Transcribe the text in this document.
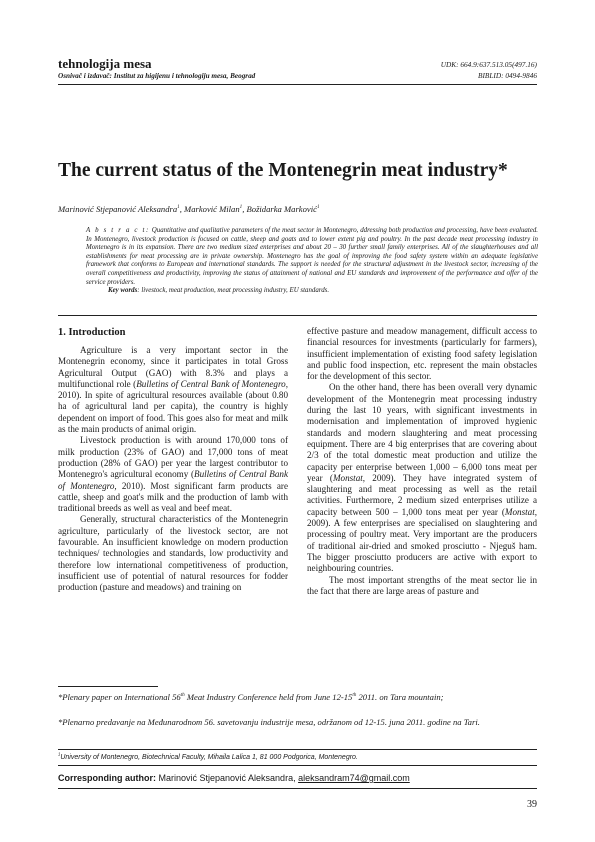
tehnologija mesa
Osnivač i izdavač: Institut za higijenu i tehnologiju mesa, Beograd
UDK: 664.9:637.513.05(497.16)
BIBLID: 0494-9846
The current status of the Montenegrin meat industry*
Marinović Stjepanović Aleksandra$^1$, Marković Milan$^1$, Božidarka Marković$^1$
A b s t r a c t: Quantitative and qualitative parameters of the meat sector in Montenegro, ddressing both production and processing, have been evaluated. In Montenegro, livestock production is focused on cattle, sheep and goats and to lower extent pig and poultry. In the past decade meat processing industry in Montenegro is in its expansion. There are two medium sized enterprises and about 20 – 30 further small family enterprises. All of the slaughterhouses and all establishments for meat processing are in private ownership. Montenegro has the goal of improving the food safety system within an adequate legislative framework that conforms to European and international standards. The support is needed for the structural adjustment in the livestock sector, increasing of the overall competitiveness and productivity, improving the status of attainment of national and EU standards and improvement of the performance and offer of the service providers.
Key words: livestock, meat production, meat processing industry, EU standards.
1. Introduction

Agriculture is a very important sector in the Montenegrin economy, since it participates in total Gross Agricultural Output (GAO) with 8.3% and plays a multifunctional role (Bulletins of Central Bank of Montenegro, 2010). In spite of agricultural resources available (about 0.80 ha of agricultural land per capita), the country is highly dependent on import of food. This goes also for meat and milk as the main products of animal origin.

Livestock production is with around 170,000 tons of milk production (23% of GAO) and 17,000 tons of meat production (28% of GAO) per year the largest contributor to Montenegro's agricultural economy (Bulletins of Central Bank of Montenegro, 2010). Most significant farm products are cattle, sheep and goat's milk and the production of lamb with traditional breeds as well as veal and beef meat.

Generally, structural characteristics of the Montenegrin agriculture, particularly of the livestock sector, are not favourable. An insufficient knowledge on modern production techniques/ technologies and standards, low productivity and therefore low international competitiveness of production, insufficient use of potential of natural resources for fodder production (pasture and meadows) and training on

effective pasture and meadow management, difficult access to financial resources for investments (particularly for farmers), insufficient implementation of existing food safety legislation and public food inspection, etc. represent the main obstacles for the development of this sector.

On the other hand, there has been overall very dynamic development of the Montenegrin meat processing industry during the last 10 years, with significant investments in modernisation and implementation of improved hygienic standards and modern slaughtering and meat processing equipment. There are 4 big enterprises that are covering about 2/3 of the total domestic meat production and utilize the capacity per enterprise between 1,000 – 6,000 tons meat per year (Monstat, 2009). They have integrated system of slaughtering and meat processing as well as the retail activities. Furthermore, 2 medium sized enterprises utilize a capacity between 500 – 1,000 tons meat per year (Monstat, 2009). A few enterprises are specialised on slaughtering and processing of poultry meat. Very important are the producers of traditional air-dried and smoked prosciutto - Njeguš ham. The bigger prosciutto producers are active with export to neighbouring countries.

The most important strengths of the meat sector lie in the fact that there are large areas of pasture and

*Plenary paper on International 56th Meat Industry Conference held from June 12-15th 2011. on Tara mountain;
*Plenarno predavanje na Međunarodnom 56. savetovanju industrije mesa, održanom od 12-15. juna 2011. godine na Tari.
$^1$University of Montenegro, Biotechnical Faculty, Mihaila Lalica 1, 81 000 Podgorica, Montenegro.
Corresponding author: Marinović Stjepanović Aleksandra, aleksandram74@gmail.com
39
